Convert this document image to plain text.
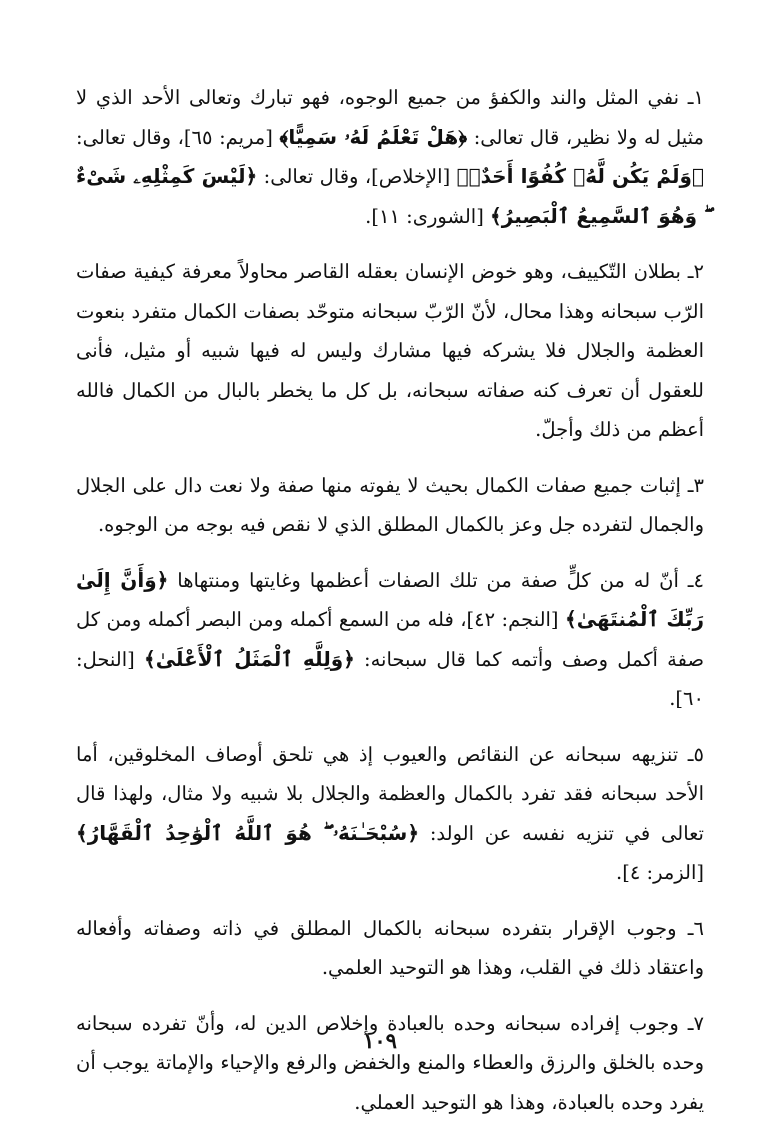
١ـ نفي المثل والند والكفؤ من جميع الوجوه، فهو تبارك وتعالى الأحد الذي لا مثيل له ولا نظير، قال تعالى: ﴿هَلْ تَعْلَمُ لَهُۥ سَمِيًّا﴾ [مريم: ٦٥]، وقال تعالى: ﴿وَلَمْ يَكُن لَّهُۥ كُفُوًا أَحَدٌۢ﴾ [الإخلاص]، وقال تعالى: ﴿لَيْسَ كَمِثْلِهِۦ شَىْءٌ ۖ وَهُوَ ٱلسَّمِيعُ ٱلْبَصِيرُ﴾ [الشورى: ١١].

٢ـ بطلان التّكييف، وهو خوض الإنسان بعقله القاصر محاولاً معرفة كيفية صفات الرّب سبحانه وهذا محال، لأنّ الرّبّ سبحانه متوحّد بصفات الكمال متفرد بنعوت العظمة والجلال فلا يشركه فيها مشارك وليس له فيها شبيه أو مثيل، فأنى للعقول أن تعرف كنه صفاته سبحانه، بل كل ما يخطر بالبال من الكمال فالله أعظم من ذلك وأجلّ.

٣ـ إثبات جميع صفات الكمال بحيث لا يفوته منها صفة ولا نعت دال على الجلال والجمال لتفرده جل وعز بالكمال المطلق الذي لا نقص فيه بوجه من الوجوه.

٤ـ أنّ له من كلٍّ صفة من تلك الصفات أعظمها وغايتها ومنتهاها ﴿وَأَنَّ إِلَىٰ رَبِّكَ ٱلْمُنتَهَىٰ﴾ [النجم: ٤٢]، فله من السمع أكمله ومن البصر أكمله ومن كل صفة أكمل وصف وأتمه كما قال سبحانه: ﴿وَلِلَّهِ ٱلْمَثَلُ ٱلْأَعْلَىٰ﴾ [النحل: ٦٠].

٥ـ تنزيهه سبحانه عن النقائص والعيوب إذ هي تلحق أوصاف المخلوقين، أما الأحد سبحانه فقد تفرد بالكمال والعظمة والجلال بلا شبيه ولا مثال، ولهذا قال تعالى في تنزيه نفسه عن الولد: ﴿سُبْحَـٰنَهُۥ ۖ هُوَ ٱللَّهُ ٱلْوَٰحِدُ ٱلْقَهَّارُ﴾ [الزمر: ٤].

٦ـ وجوب الإقرار بتفرده سبحانه بالكمال المطلق في ذاته وصفاته وأفعاله واعتقاد ذلك في القلب، وهذا هو التوحيد العلمي.

٧ـ وجوب إفراده سبحانه وحده بالعبادة وإخلاص الدين له، وأنّ تفرده سبحانه وحده بالخلق والرزق والعطاء والمنع والخفض والرفع والإحياء والإماتة يوجب أن يفرد وحده بالعبادة، وهذا هو التوحيد العملي.

١٠٩
